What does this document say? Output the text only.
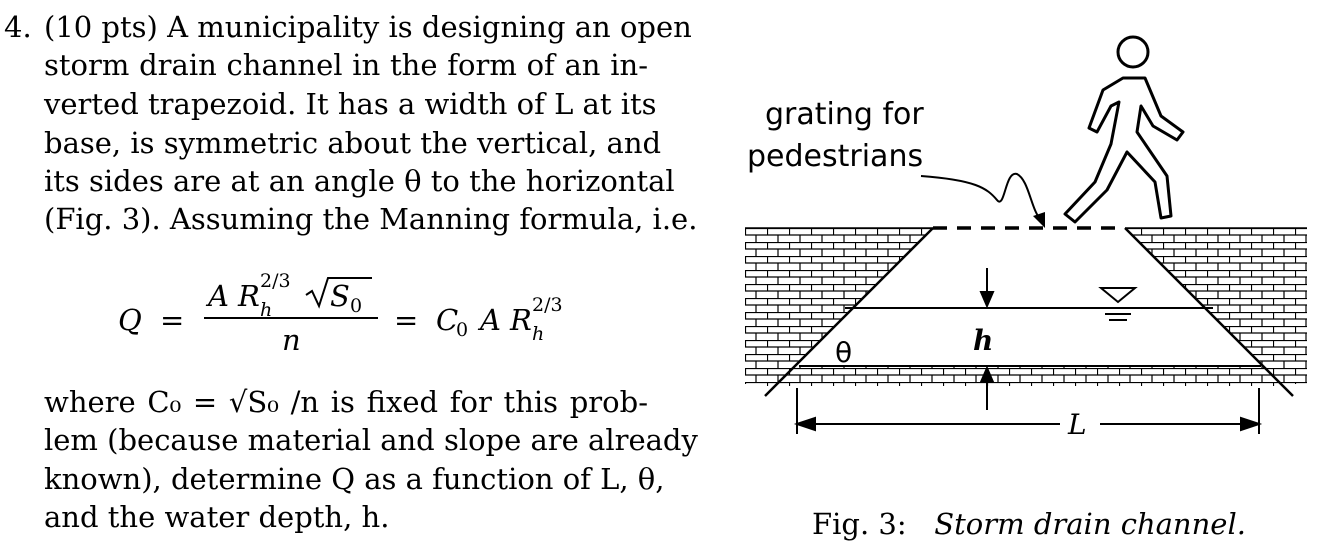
4. (10 pts) A municipality is designing an open
storm drain channel in the form of an in-
verted trapezoid. It has a width of L at its
base, is symmetric about the vertical, and
its sides are at an angle θ to the horizontal
(Fig. 3). Assuming the Manning formula, i.e.
where C₀ = √S₀ /n is fixed for this prob-
lem (because material and slope are already
known), determine Q as a function of L, θ,
and the water depth, h.
Q =
A R 2/3
h S 0
n
= C
0 A R 2/3
h	h
θ
L
grating for
pedestrians
Fig. 3: Storm drain channel.
